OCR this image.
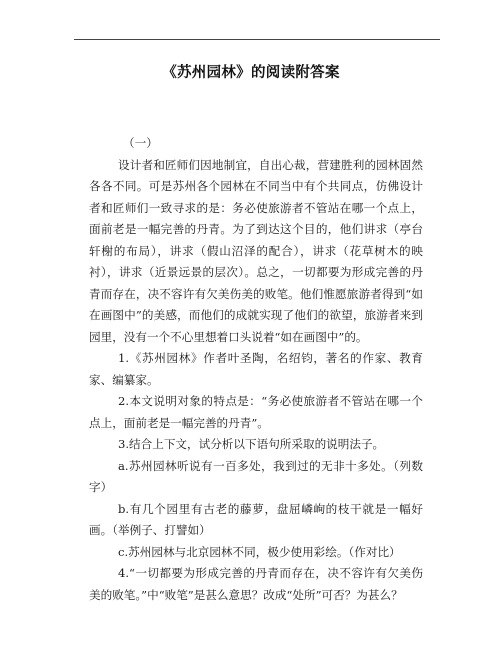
《苏州园林》的阅读附答案

（一）

设计者和匠师们因地制宜，自出心裁，营建胜利的园林固然各各不同。可是苏州各个园林在不同当中有个共同点，仿佛设计者和匠师们一致寻求的是：务必使旅游者不管站在哪一个点上，面前老是一幅完善的丹青。为了到达这个目的，他们讲求（亭台轩榭的布局），讲求（假山沼泽的配合），讲求（花草树木的映衬），讲求（近景远景的层次）。总之，一切都要为形成完善的丹青而存在，决不容许有欠美伤美的败笔。他们惟愿旅游者得到“如在画图中”的美感，而他们的成就实现了他们的欲望，旅游者来到园里，没有一个不心里想着口头说着“如在画图中”的。

1.《苏州园林》作者叶圣陶，名绍钧，著名的作家、教育家、编纂家。

2.本文说明对象的特点是：“务必使旅游者不管站在哪一个点上，面前老是一幅完善的丹青”。

3.结合上下文，试分析以下语句所采取的说明法子。

a.苏州园林听说有一百多处，我到过的无非十多处。（列数字）

b.有几个园里有古老的藤萝，盘屈嶙峋的枝干就是一幅好画。（举例子、打譬如）

c.苏州园林与北京园林不同，极少使用彩绘。（作对比）

4.“一切都要为形成完善的丹青而存在，决不容许有欠美伤美的败笔。”中“败笔”是甚么意思？改成“处所”可否？为甚么？
